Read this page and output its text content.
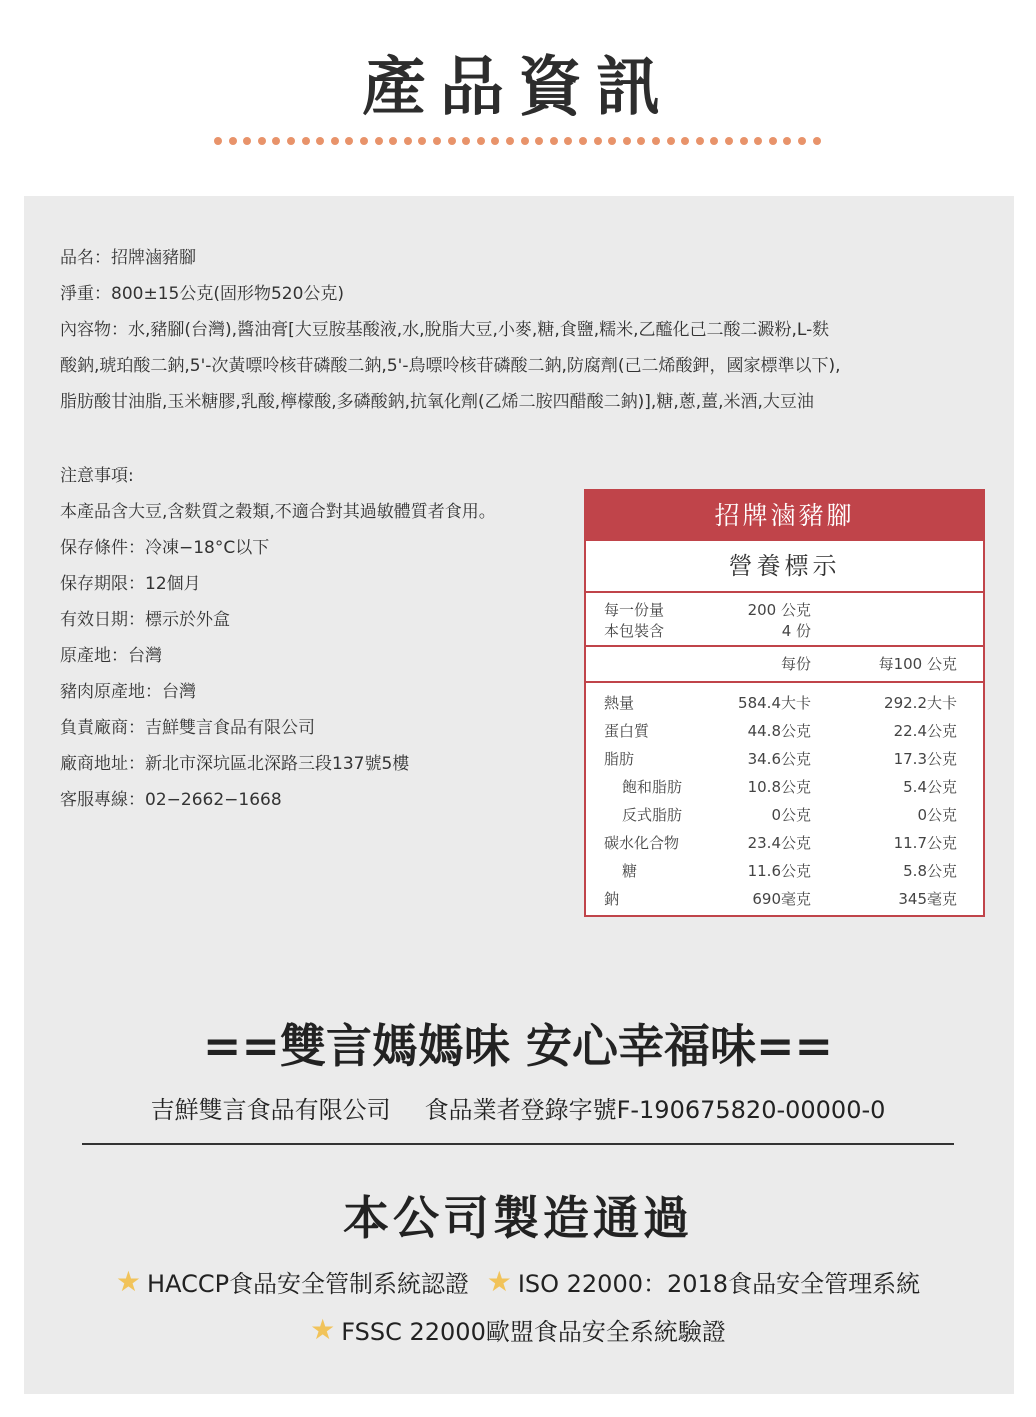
產品資訊
品名：招牌滷豬腳
淨重：800±15公克(固形物520公克)
內容物：水,豬腳(台灣),醬油膏[大豆胺基酸液,水,脫脂大豆,小麥,糖,食鹽,糯米,乙醯化己二酸二澱粉,L-麩
酸鈉,琥珀酸二鈉,5'-次黃嘌呤核苷磷酸二鈉,5'-鳥嘌呤核苷磷酸二鈉,防腐劑(己二烯酸鉀，國家標準以下),
脂肪酸甘油脂,玉米糖膠,乳酸,檸檬酸,多磷酸鈉,抗氧化劑(乙烯二胺四醋酸二鈉)],糖,蔥,薑,米酒,大豆油
注意事項:
本產品含大豆,含麩質之穀類,不適合對其過敏體質者食用。
保存條件：冷凍−18°C以下
保存期限：12個月
有效日期：標示於外盒
原產地：台灣
豬肉原產地：台灣
負責廠商：吉鮮雙言食品有限公司
廠商地址：新北市深坑區北深路三段137號5樓
客服專線：02−2662−1668
招牌滷豬腳
營養標示
每一份量	200 公克
本包裝含	4 份
每份	每100 公克
熱量	584.4大卡	292.2大卡
蛋白質	44.8公克	22.4公克
脂肪	34.6公克	17.3公克
飽和脂肪	10.8公克	5.4公克
反式脂肪	0公克	0公克
碳水化合物	23.4公克	11.7公克
糖	11.6公克	5.8公克
鈉	690毫克	345毫克
==雙言媽媽味 安心幸福味==
吉鮮雙言食品有限公司 食品業者登錄字號F-190675820-00000-0
本公司製造通過
★ HACCP食品安全管制系統認證 ★ ISO 22000：2018食品安全管理系統
★ FSSC 22000歐盟食品安全系統驗證
